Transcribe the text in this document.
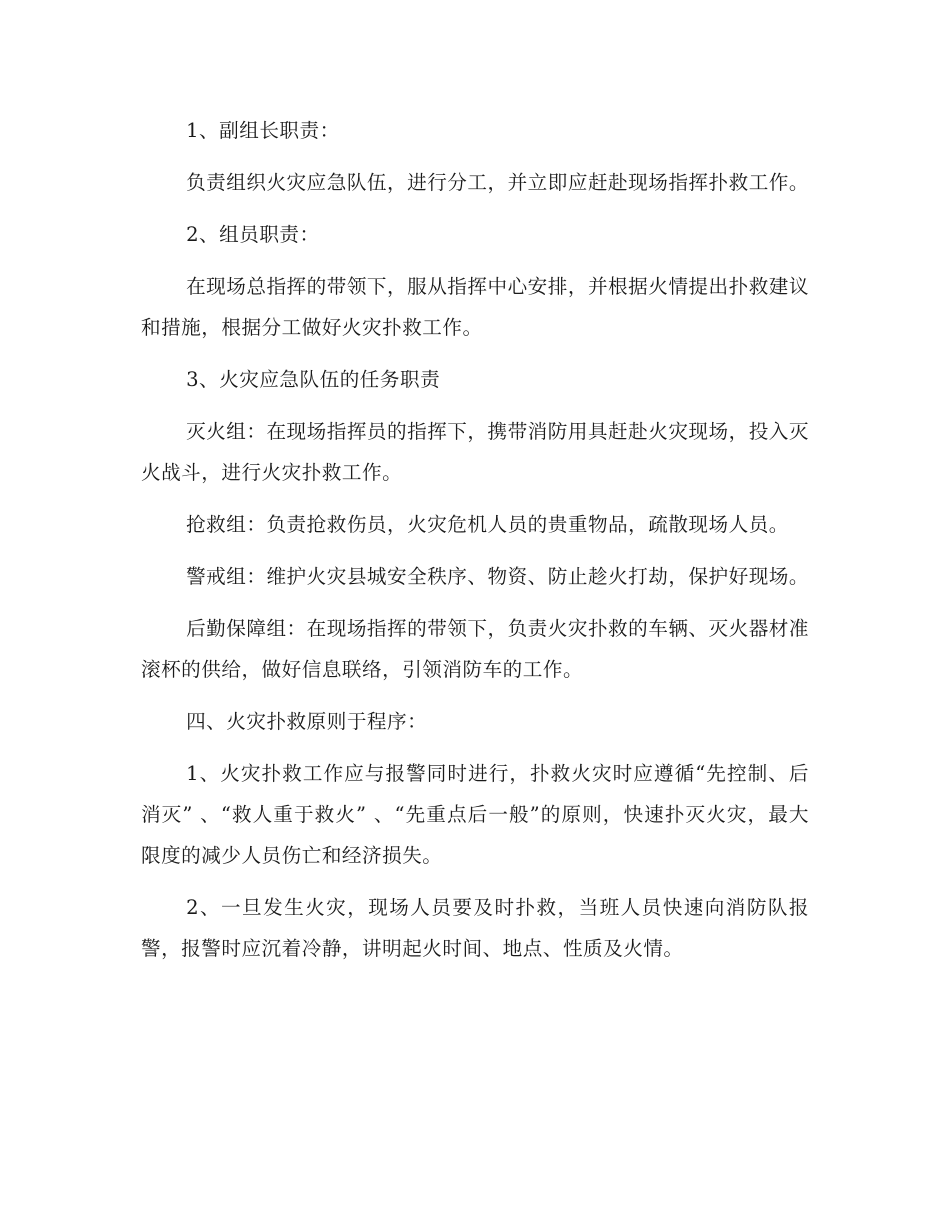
1、副组长职责：

负责组织火灾应急队伍，进行分工，并立即应赶赴现场指挥扑救工作。

2、组员职责：

在现场总指挥的带领下，服从指挥中心安排，并根据火情提出扑救建议和措施，根据分工做好火灾扑救工作。

3、火灾应急队伍的任务职责

灭火组：在现场指挥员的指挥下，携带消防用具赶赴火灾现场，投入灭火战斗，进行火灾扑救工作。

抢救组：负责抢救伤员，火灾危机人员的贵重物品，疏散现场人员。

警戒组：维护火灾县城安全秩序、物资、防止趁火打劫，保护好现场。

后勤保障组：在现场指挥的带领下，负责火灾扑救的车辆、灭火器材准滚杯的供给，做好信息联络，引领消防车的工作。

四、火灾扑救原则于程序：

1、火灾扑救工作应与报警同时进行，扑救火灾时应遵循“先控制、后消灭” 、“救人重于救火” 、“先重点后一般”的原则，快速扑灭火灾，最大限度的减少人员伤亡和经济损失。

2、一旦发生火灾，现场人员要及时扑救，当班人员快速向消防队报警，报警时应沉着冷静，讲明起火时间、地点、性质及火情。
